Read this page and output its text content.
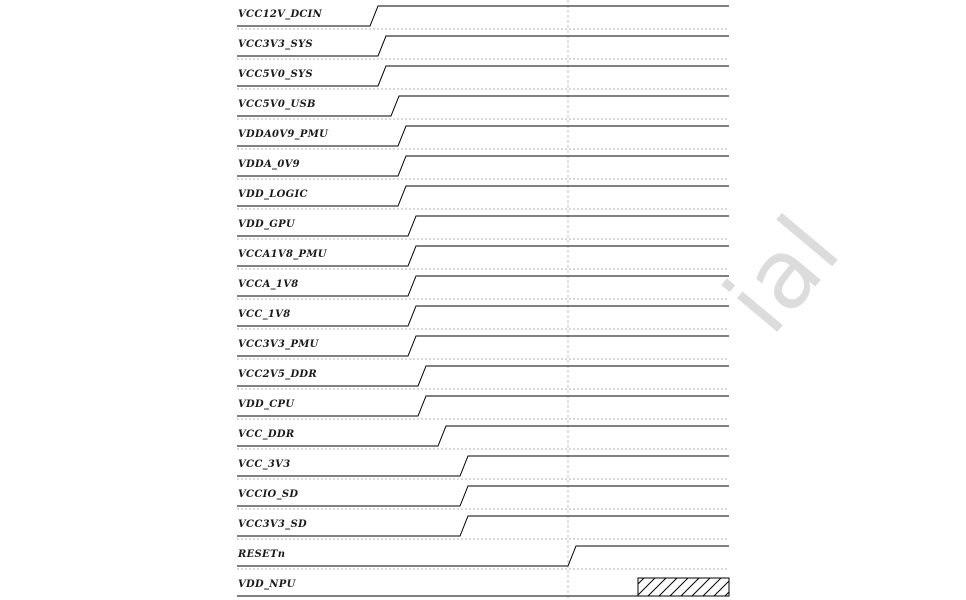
ial
VCC12V_DCIN
VCC3V3_SYS
VCC5V0_SYS
VCC5V0_USB
VDDA0V9_PMU
VDDA_0V9
VDD_LOGIC
VDD_GPU
VCCA1V8_PMU
VCCA_1V8
VCC_1V8
VCC3V3_PMU
VCC2V5_DDR
VDD_CPU
VCC_DDR
VCC_3V3
VCCIO_SD
VCC3V3_SD
RESETn
VDD_NPU
